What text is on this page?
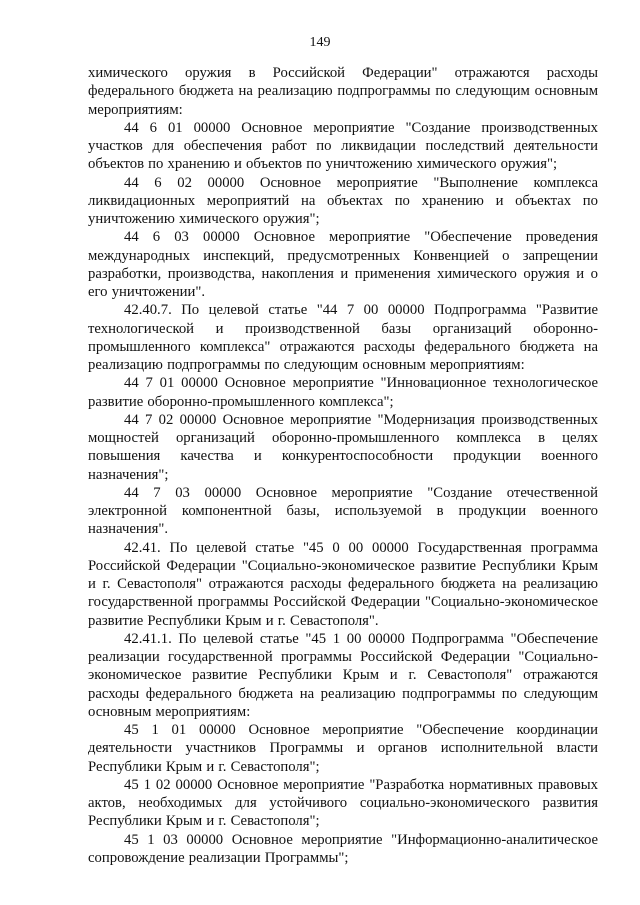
149

химического оружия в Российской Федерации" отражаются расходы федерального бюджета на реализацию подпрограммы по следующим основным мероприятиям:

44 6 01 00000 Основное мероприятие "Создание производственных участков для обеспечения работ по ликвидации последствий деятельности объектов по хранению и объектов по уничтожению химического оружия";

44 6 02 00000 Основное мероприятие "Выполнение комплекса ликвидационных мероприятий на объектах по хранению и объектах по уничтожению химического оружия";

44 6 03 00000 Основное мероприятие "Обеспечение проведения международных инспекций, предусмотренных Конвенцией о запрещении разработки, производства, накопления и применения химического оружия и о его уничтожении".

42.40.7. По целевой статье "44 7 00 00000 Подпрограмма "Развитие технологической и производственной базы организаций оборонно-промышленного комплекса" отражаются расходы федерального бюджета на реализацию подпрограммы по следующим основным мероприятиям:

44 7 01 00000 Основное мероприятие "Инновационное технологическое развитие оборонно-промышленного комплекса";

44 7 02 00000 Основное мероприятие "Модернизация производственных мощностей организаций оборонно-промышленного комплекса в целях повышения качества и конкурентоспособности продукции военного назначения";

44 7 03 00000 Основное мероприятие "Создание отечественной электронной компонентной базы, используемой в продукции военного назначения".

42.41. По целевой статье "45 0 00 00000 Государственная программа Российской Федерации "Социально-экономическое развитие Республики Крым и г. Севастополя" отражаются расходы федерального бюджета на реализацию государственной программы Российской Федерации "Социально-экономическое развитие Республики Крым и г. Севастополя".

42.41.1. По целевой статье "45 1 00 00000 Подпрограмма "Обеспечение реализации государственной программы Российской Федерации "Социально-экономическое развитие Республики Крым и г. Севастополя" отражаются расходы федерального бюджета на реализацию подпрограммы по следующим основным мероприятиям:

45 1 01 00000 Основное мероприятие "Обеспечение координации деятельности участников Программы и органов исполнительной власти Республики Крым и г. Севастополя";

45 1 02 00000 Основное мероприятие "Разработка нормативных правовых актов, необходимых для устойчивого социально-экономического развития Республики Крым и г. Севастополя";

45 1 03 00000 Основное мероприятие "Информационно-аналитическое сопровождение реализации Программы";
